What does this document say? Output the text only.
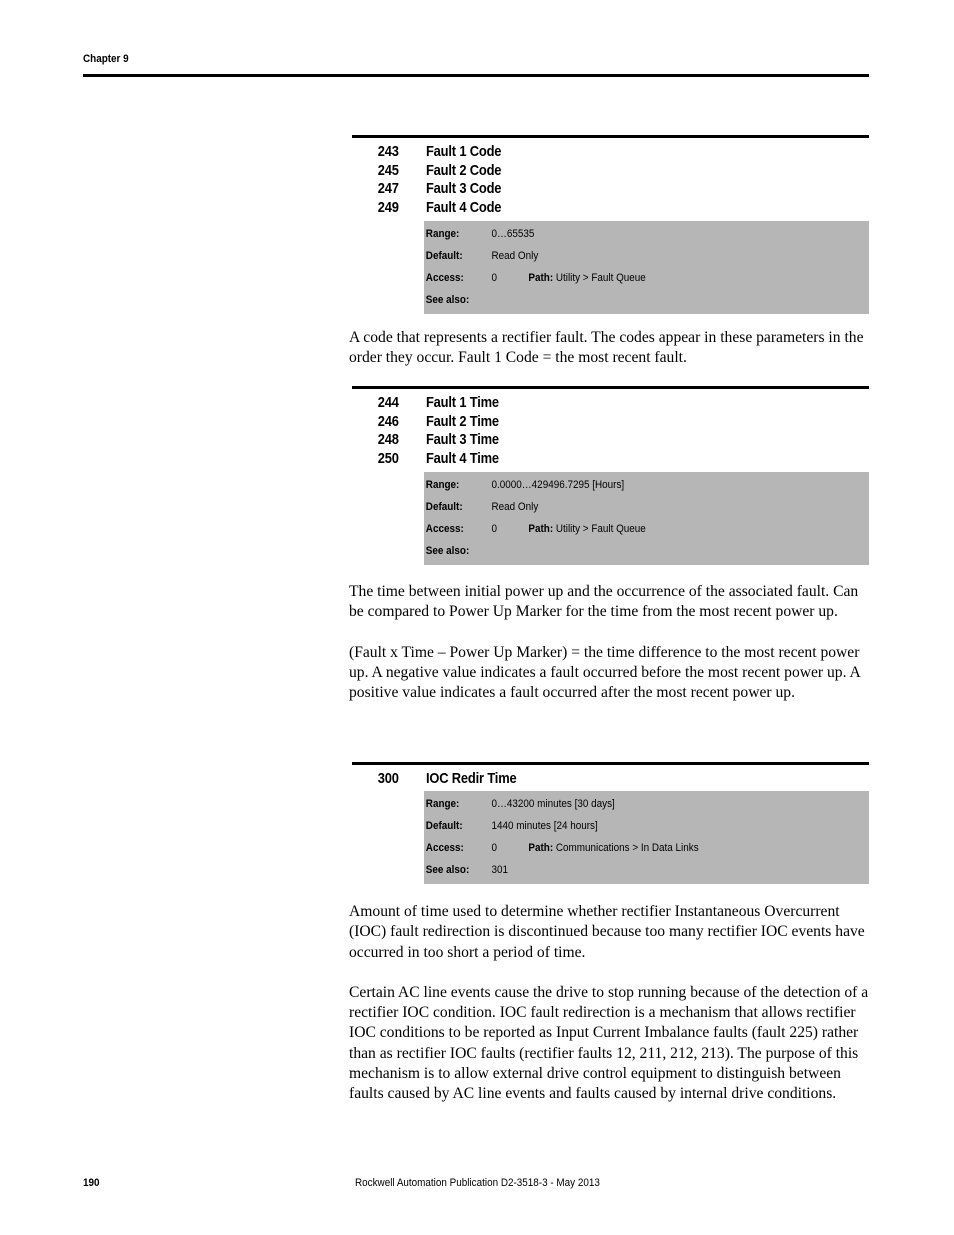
Chapter 9
243	Fault 1 Code
245	Fault 2 Code
247	Fault 3 Code
249	Fault 4 Code
Range:	0…65535
Default:	Read Only
Access:	0	Path: Utility > Fault Queue
See also:

A code that represents a rectifier fault. The codes appear in these parameters in the order they occur. Fault 1 Code = the most recent fault.

244	Fault 1 Time
246	Fault 2 Time
248	Fault 3 Time
250	Fault 4 Time
Range:	0.0000…429496.7295 [Hours]
Default:	Read Only
Access:	0	Path: Utility > Fault Queue
See also:

The time between initial power up and the occurrence of the associated fault. Can be compared to Power Up Marker for the time from the most recent power up.

(Fault x Time – Power Up Marker) = the time difference to the most recent power up. A negative value indicates a fault occurred before the most recent power up. A positive value indicates a fault occurred after the most recent power up.

300	IOC Redir Time
Range:	0…43200 minutes [30 days]
Default:	1440 minutes [24 hours]
Access:	0	Path: Communications > In Data Links
See also:	301

Amount of time used to determine whether rectifier Instantaneous Overcurrent (IOC) fault redirection is discontinued because too many rectifier IOC events have occurred in too short a period of time.

Certain AC line events cause the drive to stop running because of the detection of a rectifier IOC condition. IOC fault redirection is a mechanism that allows rectifier IOC conditions to be reported as Input Current Imbalance faults (fault 225) rather than as rectifier IOC faults (rectifier faults 12, 211, 212, 213). The purpose of this mechanism is to allow external drive control equipment to distinguish between faults caused by AC line events and faults caused by internal drive conditions.

190	Rockwell Automation Publication D2-3518-3 - May 2013
